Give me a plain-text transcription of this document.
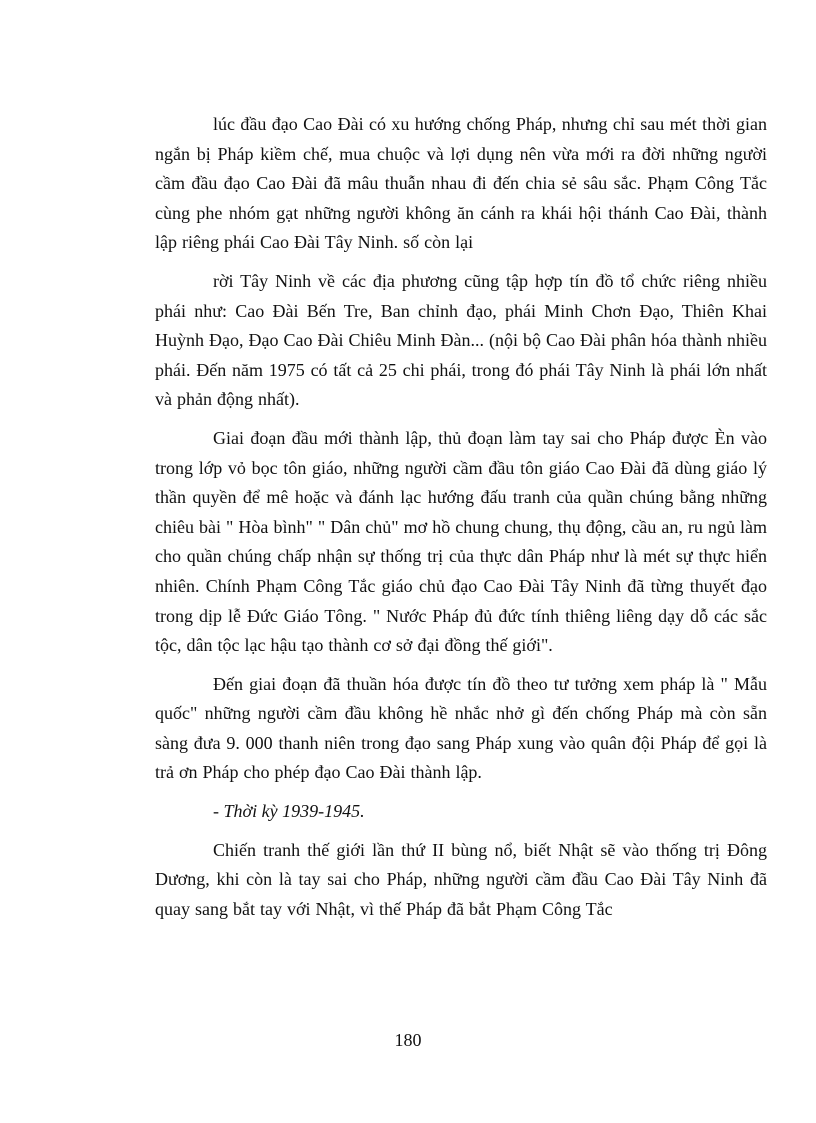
lúc đầu đạo Cao Đài có xu hướng chống Pháp, nhưng chỉ sau mét thời gian ngắn bị Pháp kiềm chế, mua chuộc và lợi dụng nên vừa mới ra đời những người cầm đầu đạo Cao Đài đã mâu thuẫn nhau đi đến chia sẻ sâu sắc. Phạm Công Tắc cùng phe nhóm gạt những người không ăn cánh ra khái hội thánh Cao Đài, thành lập riêng phái Cao Đài Tây Ninh. số còn lại

rời Tây Ninh về các địa phương cũng tập hợp tín đồ tổ chức riêng nhiều phái như: Cao Đài Bến Tre, Ban chỉnh đạo, phái Minh Chơn Đạo, Thiên Khai Huỳnh Đạo, Đạo Cao Đài Chiêu Minh Đàn... (nội bộ Cao Đài phân hóa thành nhiều phái. Đến năm 1975 có tất cả 25 chi phái, trong đó phái Tây Ninh là phái lớn nhất và phản động nhất).

Giai đoạn đầu mới thành lập, thủ đoạn làm tay sai cho Pháp được Èn vào trong lớp vỏ bọc tôn giáo, những người cầm đầu tôn giáo Cao Đài đã dùng giáo lý thần quyền để mê hoặc và đánh lạc hướng đấu tranh của quần chúng bằng những chiêu bài " Hòa bình" " Dân chủ" mơ hồ chung chung, thụ động, cầu an, ru ngủ làm cho quần chúng chấp nhận sự thống trị của thực dân Pháp như là mét sự thực hiển nhiên. Chính Phạm Công Tắc giáo chủ đạo Cao Đài Tây Ninh đã từng thuyết đạo trong dịp lễ Đức Giáo Tông. " Nước Pháp đủ đức tính thiêng liêng dạy dỗ các sắc tộc, dân tộc lạc hậu tạo thành cơ sở đại đồng thế giới".

Đến giai đoạn đã thuần hóa được tín đồ theo tư tưởng xem pháp là " Mẫu quốc" những người cầm đầu không hề nhắc nhở gì đến chống Pháp mà còn sẵn sàng đưa 9. 000 thanh niên trong đạo sang Pháp xung vào quân đội Pháp để gọi là trả ơn Pháp cho phép đạo Cao Đài thành lập.

- Thời kỳ 1939-1945.

Chiến tranh thế giới lần thứ II bùng nổ, biết Nhật sẽ vào thống trị Đông Dương, khi còn là tay sai cho Pháp, những người cầm đầu Cao Đài Tây Ninh đã quay sang bắt tay với Nhật, vì thế Pháp đã bắt Phạm Công Tắc

180
